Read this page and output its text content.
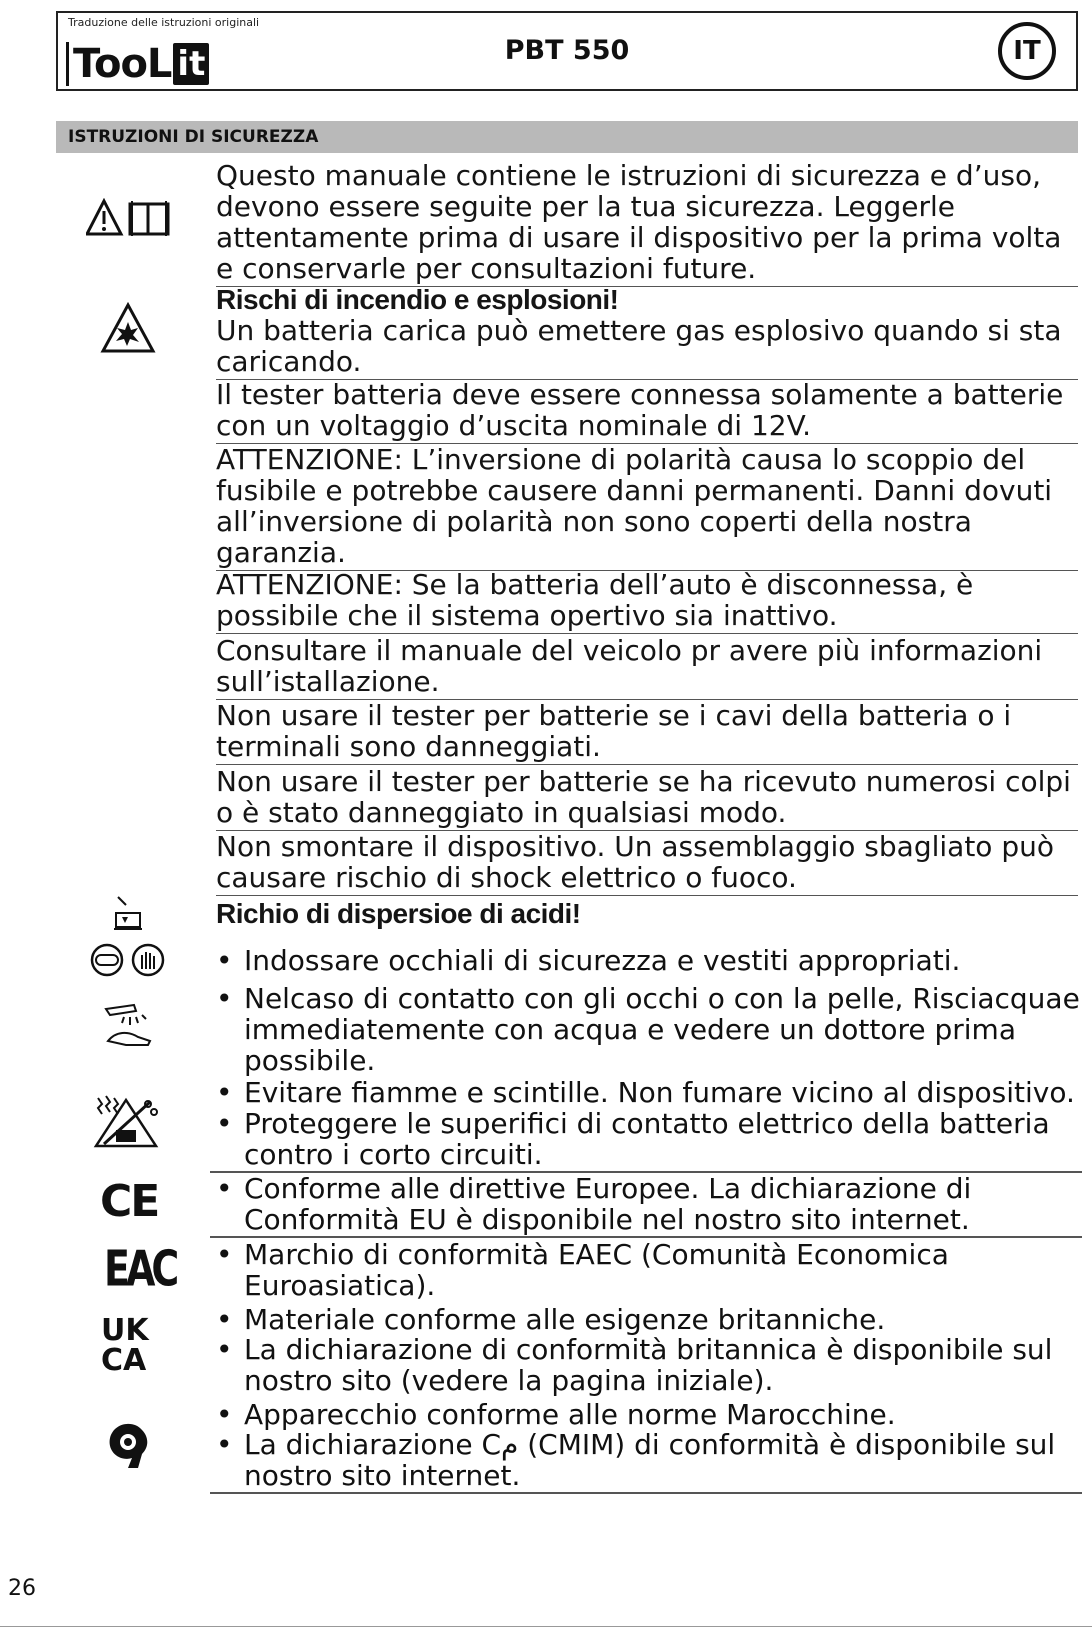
Traduzione delle istruzioni originali
TooL it	PBT 550	IT
ISTRUZIONI DI SICUREZZA
CE
EAC
UK
CA
Questo manuale contiene le istruzioni di sicurezza e d’uso, devono essere seguite per la tua sicurezza. Leggerle attentamente prima di usare il dispositivo per la prima volta e conservarle per consultazioni future.
Rischi di incendio e esplosioni!
Un batteria carica può emettere gas esplosivo quando si sta caricando.
Il tester batteria deve essere connessa solamente a batterie con un voltaggio d’uscita nominale di 12V.
ATTENZIONE: L’inversione di polarità causa lo scoppio del fusibile e potrebbe causere danni permanenti. Danni dovuti all’inversione di polarità non sono coperti della nostra garanzia.
ATTENZIONE: Se la batteria dell’auto è disconnessa, è possibile che il sistema opertivo sia inattivo.
Consultare il manuale del veicolo pr avere più informazioni sull’istallazione.
Non usare il tester per batterie se i cavi della batteria o i terminali sono danneggiati.
Non usare il tester per batterie se ha ricevuto numerosi colpi o è stato danneggiato in qualsiasi modo.
Non smontare il dispositivo. Un assemblaggio sbagliato può causare rischio di shock elettrico o fuoco.
Richio di dispersioe di acidi!
• Indossare occhiali di sicurezza e vestiti appropriati.
• Nelcaso di contatto con gli occhi o con la pelle, Risciacquae immediatemente con acqua e vedere un dottore prima possibile.
• Evitare fiamme e scintille. Non fumare vicino al dispositivo.
• Proteggere le superifici di contatto elettrico della batteria contro i corto circuiti.
• Conforme alle direttive Europee. La dichiarazione di Conformità EU è disponibile nel nostro sito internet.
• Marchio di conformità EAEC (Comunità Economica Euroasiatica).
• Materiale conforme alle esigenze britanniche.
• La dichiarazione di conformità britannica è disponibile sul nostro sito (vedere la pagina iniziale).
• Apparecchio conforme alle norme Marocchine.
• La dichiarazione Cم (CMIM) di conformità è disponibile sul nostro sito internet.
26
